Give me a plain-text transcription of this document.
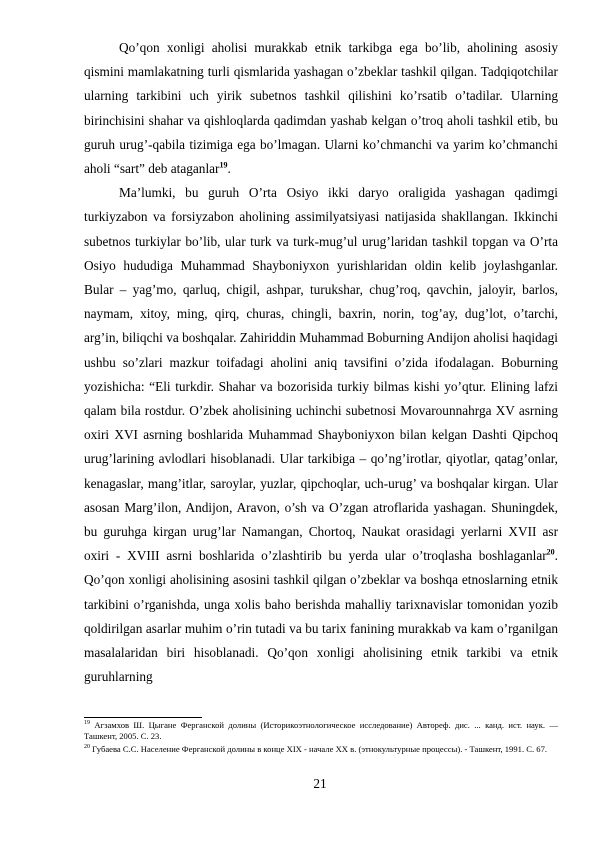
Qo’qon xonligi aholisi murakkab etnik tarkibga ega bo’lib, aholining asosiy qismini mamlakatning turli qismlarida yashagan o’zbeklar tashkil qilgan. Tadqiqotchilar ularning tarkibini uch yirik subetnos tashkil qilishini ko’rsatib o’tadilar. Ularning birinchisini shahar va qishloqlarda qadimdan yashab kelgan o’troq aholi tashkil etib, bu guruh urug’-qabila tizimiga ega bo’lmagan. Ularni ko’chmanchi va yarim ko’chmanchi aholi “sart” deb ataganlar$^{19}$.

Ma’lumki, bu guruh O’rta Osiyo ikki daryo oraligida yashagan qadimgi turkiyzabon va forsiyzabon aholining assimilyatsiyasi natijasida shakllangan. Ikkinchi subetnos turkiylar bo’lib, ular turk va turk-mug’ul urug’laridan tashkil topgan va O’rta Osiyo hududiga Muhammad Shayboniyxon yurishlaridan oldin kelib joylashganlar. Bular – yag’mo, qarluq, chigil, ashpar, turukshar, chug’roq, qavchin, jaloyir, barlos, naymam, xitoy, ming, qirq, churas, chingli, baxrin, norin, tog’ay, dug’lot, o’tarchi, arg’in, biliqchi va boshqalar. Zahiriddin Muhammad Boburning Andijon aholisi haqidagi ushbu so’zlari mazkur toifadagi aholini aniq tavsifini o’zida ifodalagan. Boburning yozishicha: “Eli turkdir. Shahar va bozorisida turkiy bilmas kishi yo’qtur. Elining lafzi qalam bila rostdur. O’zbek aholisining uchinchi subetnosi Movarounnahrga XV asrning oxiri XVI asrning boshlarida Muhammad Shayboniyxon bilan kelgan Dashti Qipchoq urug’larining avlodlari hisoblanadi. Ular tarkibiga – qo’ng’irotlar, qiyotlar, qatag’onlar, kenagaslar, mang’itlar, saroylar, yuzlar, qipchoqlar, uch-urug’ va boshqalar kirgan. Ular asosan Marg’ilon, Andijon, Aravon, o’sh va O’zgan atroflarida yashagan. Shuningdek, bu guruhga kirgan urug’lar Namangan, Chortoq, Naukat orasidagi yerlarni XVII asr oxiri - XVIII asrni boshlarida o’zlashtirib bu yerda ular o’troqlasha boshlaganlar$^{20}$. Qo’qon xonligi aholisining asosini tashkil qilgan o’zbeklar va boshqa etnoslarning etnik tarkibini o’rganishda, unga xolis baho berishda mahalliy tarixnavislar tomonidan yozib qoldirilgan asarlar muhim o’rin tutadi va bu tarix fanining murakkab va kam o’rganilgan masalalaridan biri hisoblanadi. Qo’qon xonligi aholisining etnik tarkibi va etnik guruhlarning

$^{19}$ Агзамхов Ш. Цыгане Ферганской долины (Историкоэтнологическое исследование) Автореф. дис. ... канд. ист. наук. — Ташкент, 2005. С. 23.

$^{20}$ Губаева С.С. Население Ферганской долины в конце XIX - начале XX в. (этнокультурные процессы). - Ташкент, 1991. С. 67.

21
